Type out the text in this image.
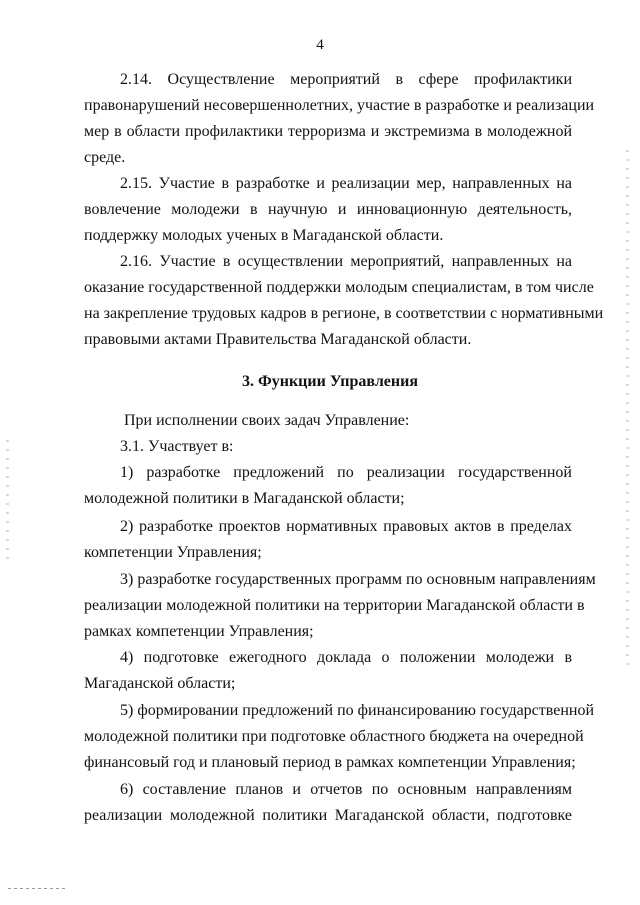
4
2.14. Осуществление мероприятий в сфере профилактики
правонарушений несовершеннолетних, участие в разработке и реализации
мер в области профилактики терроризма и экстремизма в молодежной
среде.
2.15. Участие в разработке и реализации мер, направленных на
вовлечение молодежи в научную и инновационную деятельность,
поддержку молодых ученых в Магаданской области.
2.16. Участие в осуществлении мероприятий, направленных на
оказание государственной поддержки молодым специалистам, в том числе
на закрепление трудовых кадров в регионе, в соответствии с нормативными
правовыми актами Правительства Магаданской области.
3. Функции Управления
При исполнении своих задач Управление:
3.1. Участвует в:
1) разработке предложений по реализации государственной
молодежной политики в Магаданской области;
2) разработке проектов нормативных правовых актов в пределах
компетенции Управления;
3) разработке государственных программ по основным направлениям
реализации молодежной политики на территории Магаданской области в
рамках компетенции Управления;
4) подготовке ежегодного доклада о положении молодежи в
Магаданской области;
5) формировании предложений по финансированию государственной
молодежной политики при подготовке областного бюджета на очередной
финансовый год и плановый период в рамках компетенции Управления;
6) составление планов и отчетов по основным направлениям
реализации молодежной политики Магаданской области, подготовке
